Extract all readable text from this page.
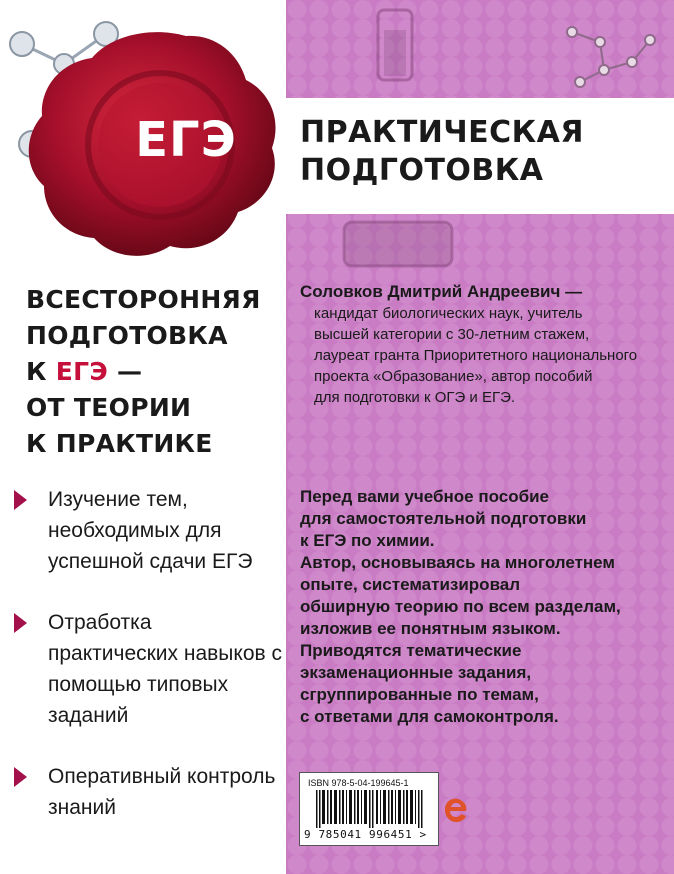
ЕГЭ	ПРАКТИЧЕСКАЯ
ПОДГОТОВКА
ВСЕСТОРОННЯЯ
ПОДГОТОВКА
К ЕГЭ —
ОТ ТЕОРИИ
К ПРАКТИКЕ
Изучение тем, необходимых для успешной сдачи ЕГЭ
Отработка практических навыков с помощью типовых заданий
Оперативный контроль знаний
Соловков Дмитрий Андреевич —
кандидат биологических наук, учитель
высшей категории с 30-летним стажем,
лауреат гранта Приоритетного национального
проекта «Образование», автор пособий
для подготовки к ОГЭ и ЕГЭ.
Перед вами учебное пособие
для самостоятельной подготовки
к ЕГЭ по химии.
Автор, основываясь на многолетнем
опыте, систематизировал
обширную теорию по всем разделам,
изложив ее понятным языком.
Приводятся тематические
экзаменационные задания,
сгруппированные по темам,
с ответами для самоконтроля.
ISBN 978-5-04-199645-1
9 785041 996451 >
